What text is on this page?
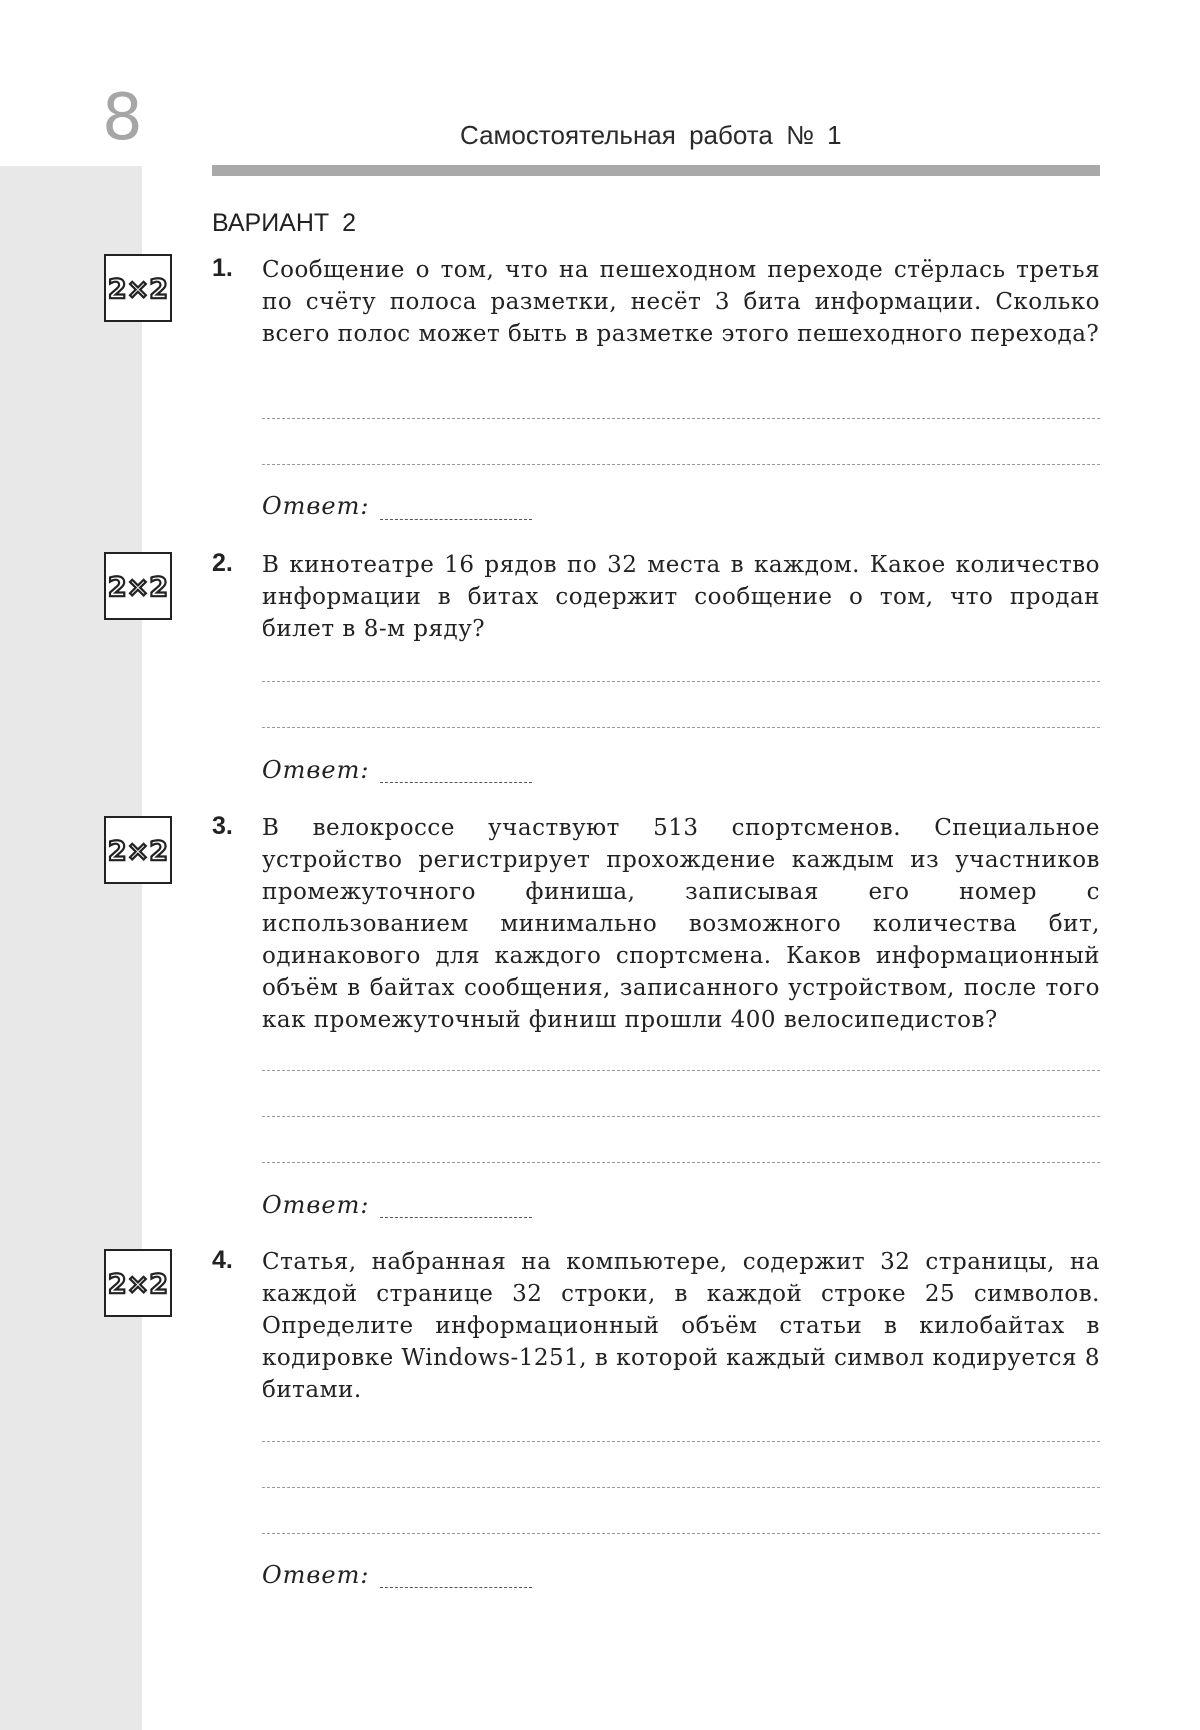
8	Самостоятельная работа № 1
ВАРИАНТ 2
2×2
1. Сообщение о том, что на пешеходном переходе стёрлась третья по счёту полоса разметки, несёт 3 бита информации. Сколько всего полос может быть в разметке этого пешеходного перехода?
Ответ:
2×2
2. В кинотеатре 16 рядов по 32 места в каждом. Какое количество информации в битах содержит сообщение о том, что продан билет в 8-м ряду?
Ответ:
2×2
3. В велокроссе участвуют 513 спортсменов. Специальное устройство регистрирует прохождение каждым из участников промежуточного финиша, записывая его номер с использованием минимально возможного количества бит, одинакового для каждого спортсмена. Каков информационный объём в байтах сообщения, записанного устройством, после того как промежуточный финиш прошли 400 велосипедистов?
Ответ:
2×2
4. Статья, набранная на компьютере, содержит 32 страницы, на каждой странице 32 строки, в каждой строке 25 символов. Определите информационный объём статьи в килобайтах в кодировке Windows-1251, в которой каждый символ кодируется 8 битами.
Ответ:
